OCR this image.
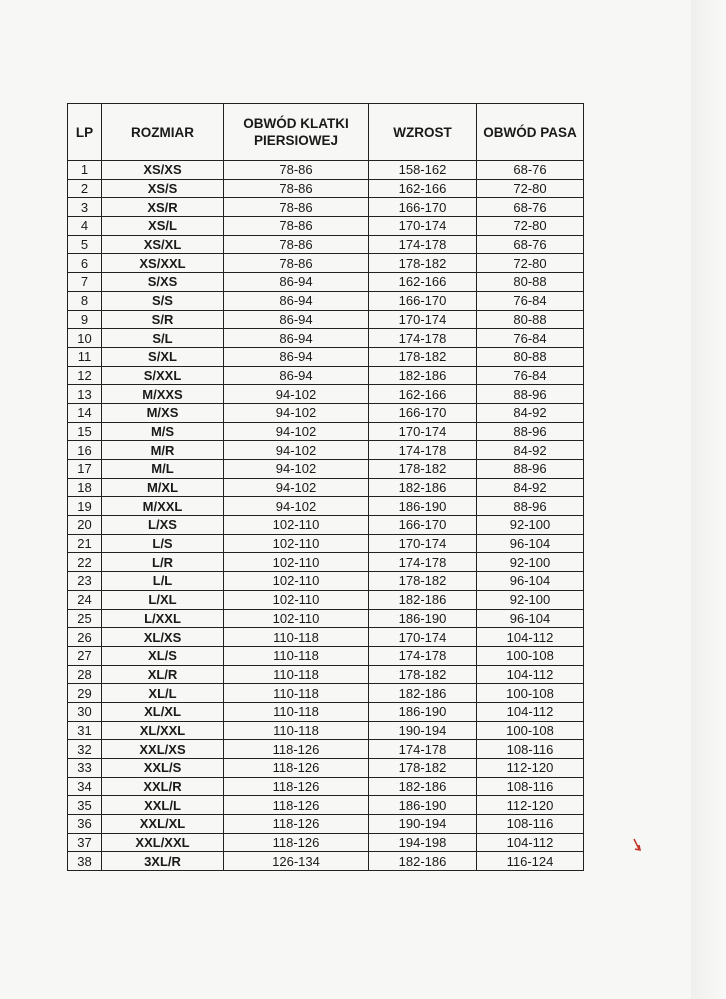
LP	ROZMIAR	OBWÓD KLATKI PIERSIOWEJ	WZROST	OBWÓD PASA
1	XS/XS	78-86	158-162	68-76
2	XS/S	78-86	162-166	72-80
3	XS/R	78-86	166-170	68-76
4	XS/L	78-86	170-174	72-80
5	XS/XL	78-86	174-178	68-76
6	XS/XXL	78-86	178-182	72-80
7	S/XS	86-94	162-166	80-88
8	S/S	86-94	166-170	76-84
9	S/R	86-94	170-174	80-88
10	S/L	86-94	174-178	76-84
11	S/XL	86-94	178-182	80-88
12	S/XXL	86-94	182-186	76-84
13	M/XXS	94-102	162-166	88-96
14	M/XS	94-102	166-170	84-92
15	M/S	94-102	170-174	88-96
16	M/R	94-102	174-178	84-92
17	M/L	94-102	178-182	88-96
18	M/XL	94-102	182-186	84-92
19	M/XXL	94-102	186-190	88-96
20	L/XS	102-110	166-170	92-100
21	L/S	102-110	170-174	96-104
22	L/R	102-110	174-178	92-100
23	L/L	102-110	178-182	96-104
24	L/XL	102-110	182-186	92-100
25	L/XXL	102-110	186-190	96-104
26	XL/XS	110-118	170-174	104-112
27	XL/S	110-118	174-178	100-108
28	XL/R	110-118	178-182	104-112
29	XL/L	110-118	182-186	100-108
30	XL/XL	110-118	186-190	104-112
31	XL/XXL	110-118	190-194	100-108
32	XXL/XS	118-126	174-178	108-116
33	XXL/S	118-126	178-182	112-120
34	XXL/R	118-126	182-186	108-116
35	XXL/L	118-126	186-190	112-120
36	XXL/XL	118-126	190-194	108-116
37	XXL/XXL	118-126	194-198	104-112
38	3XL/R	126-134	182-186	116-124
